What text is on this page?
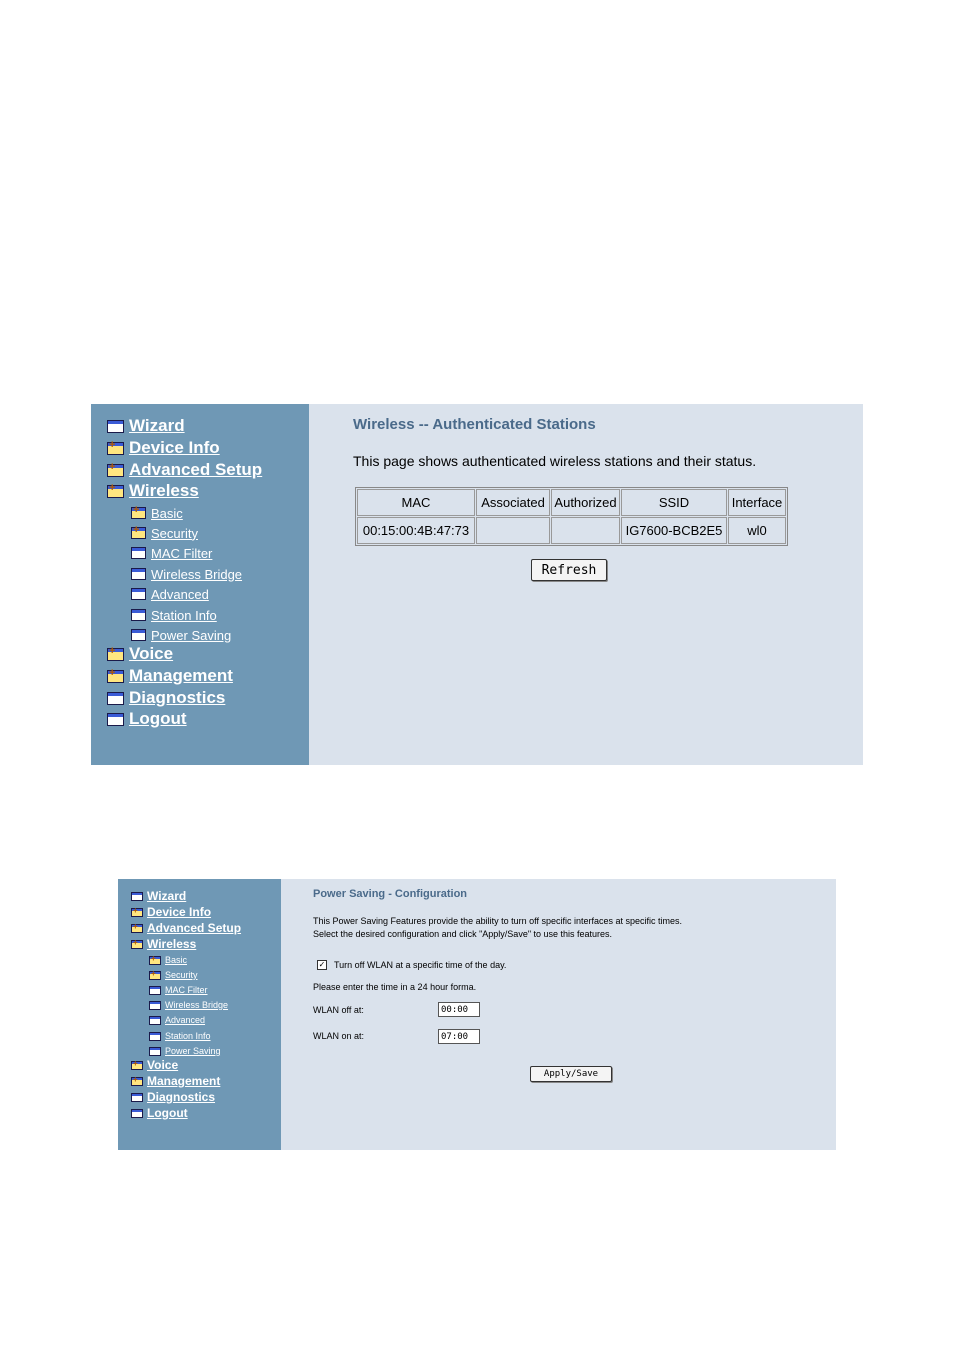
Wizard
+
Device Info
+
Advanced Setup
+
Wireless
+
Basic
+
Security
MAC Filter
Wireless Bridge
Advanced
Station Info
Power Saving
+
Voice
+
Management
Diagnostics
Logout
Wireless -- Authenticated Stations
This page shows authenticated wireless stations and their status.
MAC	Associated	Authorized	SSID	Interface
00:15:00:4B:47:73			IG7600-BCB2E5	wl0
Refresh
Wizard
+
Device Info
+
Advanced Setup
+
Wireless
+
Basic
+
Security
MAC Filter
Wireless Bridge
Advanced
Station Info
Power Saving
+
Voice
+
Management
Diagnostics
Logout
Power Saving - Configuration
This Power Saving Features provide the ability to turn off specific interfaces at specific times.
Select the desired configuration and click "Apply/Save" to use this features.
✓ Turn off WLAN at a specific time of the day.
Please enter the time in a 24 hour forma.
WLAN off at:
00:00
WLAN on at:
07:00
Apply/Save
